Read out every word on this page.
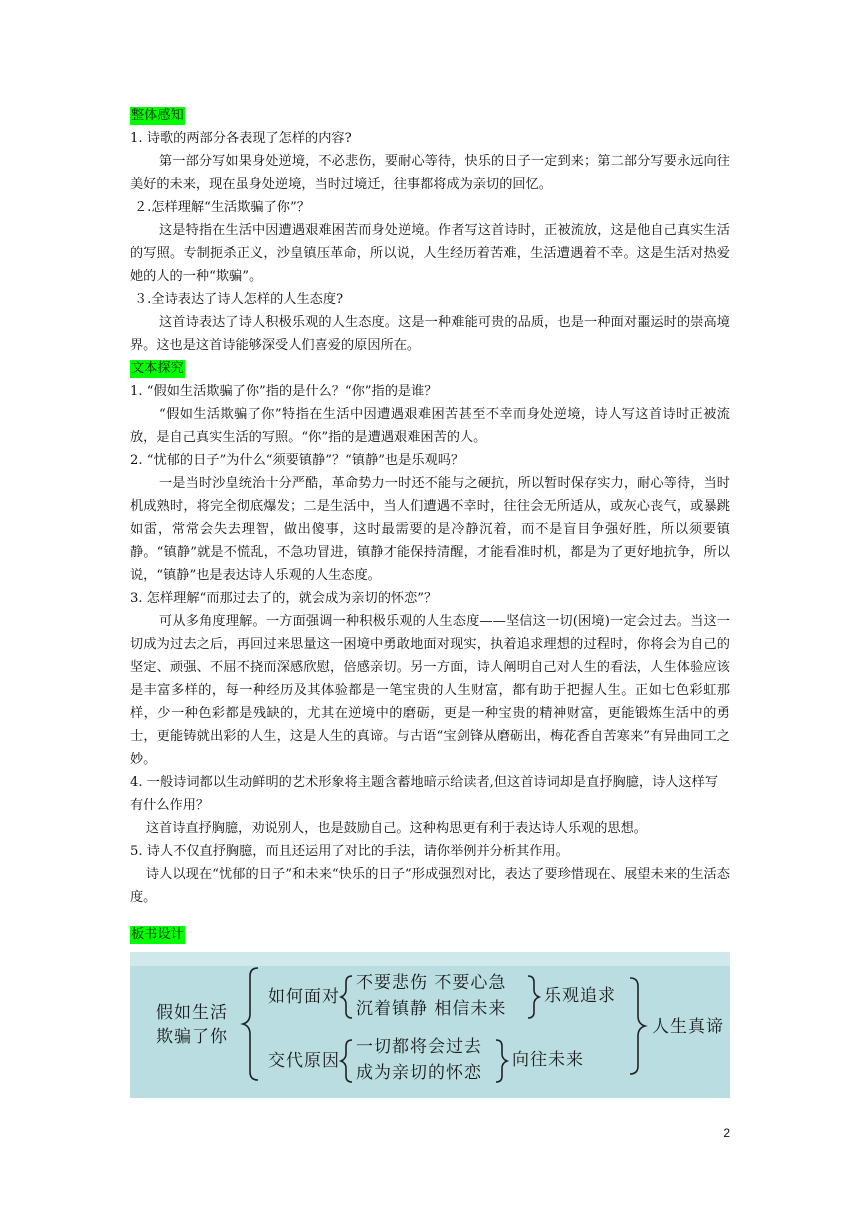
整体感知

1. 诗歌的两部分各表现了怎样的内容?

第一部分写如果身处逆境，不必悲伤，要耐心等待，快乐的日子一定到来；第二部分写要永远向往美好的未来，现在虽身处逆境，当时过境迁，往事都将成为亲切的回忆。

２.怎样理解“生活欺骗了你”？

这是特指在生活中因遭遇艰难困苦而身处逆境。作者写这首诗时，正被流放，这是他自己真实生活的写照。专制扼杀正义，沙皇镇压革命，所以说，人生经历着苦难，生活遭遇着不幸。这是生活对热爱她的人的一种“欺骗”。

３.全诗表达了诗人怎样的人生态度?

这首诗表达了诗人积极乐观的人生态度。这是一种难能可贵的品质，也是一种面对噩运时的崇高境界。这也是这首诗能够深受人们喜爱的原因所在。

文本探究

1. “假如生活欺骗了你”指的是什么？“你”指的是谁？

“假如生活欺骗了你”特指在生活中因遭遇艰难困苦甚至不幸而身处逆境，诗人写这首诗时正被流放，是自己真实生活的写照。“你”指的是遭遇艰难困苦的人。

2. “忧郁的日子”为什么“须要镇静”？“镇静”也是乐观吗？

一是当时沙皇统治十分严酷，革命势力一时还不能与之硬抗，所以暂时保存实力，耐心等待，当时机成熟时，将完全彻底爆发；二是生活中，当人们遭遇不幸时，往往会无所适从，或灰心丧气，或暴跳如雷，常常会失去理智，做出傻事，这时最需要的是冷静沉着，而不是盲目争强好胜，所以须要镇静。“镇静”就是不慌乱，不急功冒进，镇静才能保持清醒，才能看准时机，都是为了更好地抗争，所以说，“镇静”也是表达诗人乐观的人生态度。

3. 怎样理解“而那过去了的，就会成为亲切的怀恋”？

可从多角度理解。一方面强调一种积极乐观的人生态度——坚信这一切(困境)一定会过去。当这一切成为过去之后，再回过来思量这一困境中勇敢地面对现实，执着追求理想的过程时，你将会为自己的坚定、顽强、不屈不挠而深感欣慰，倍感亲切。另一方面，诗人阐明自己对人生的看法，人生体验应该是丰富多样的，每一种经历及其体验都是一笔宝贵的人生财富，都有助于把握人生。正如七色彩虹那样，少一种色彩都是残缺的，尤其在逆境中的磨砺，更是一种宝贵的精神财富，更能锻炼生活中的勇士，更能铸就出彩的人生，这是人生的真谛。与古语“宝剑锋从磨砺出，梅花香自苦寒来”有异曲同工之妙。

4. 一般诗词都以生动鲜明的艺术形象将主题含蓄地暗示给读者,但这首诗词却是直抒胸臆，诗人这样写有什么作用？

这首诗直抒胸臆，劝说别人，也是鼓励自己。这种构思更有利于表达诗人乐观的思想。

5. 诗人不仅直抒胸臆，而且还运用了对比的手法，请你举例并分析其作用。

诗人以现在“忧郁的日子”和未来“快乐的日子”形成强烈对比，表达了要珍惜现在、展望未来的生活态度。

板书设计
假如生活
欺骗了你
如何面对
不要悲伤 不要心急
沉着镇静 相信未来
乐观追求
交代原因
一切都将会过去
成为亲切的怀恋
向往未来
人生真谛
2
